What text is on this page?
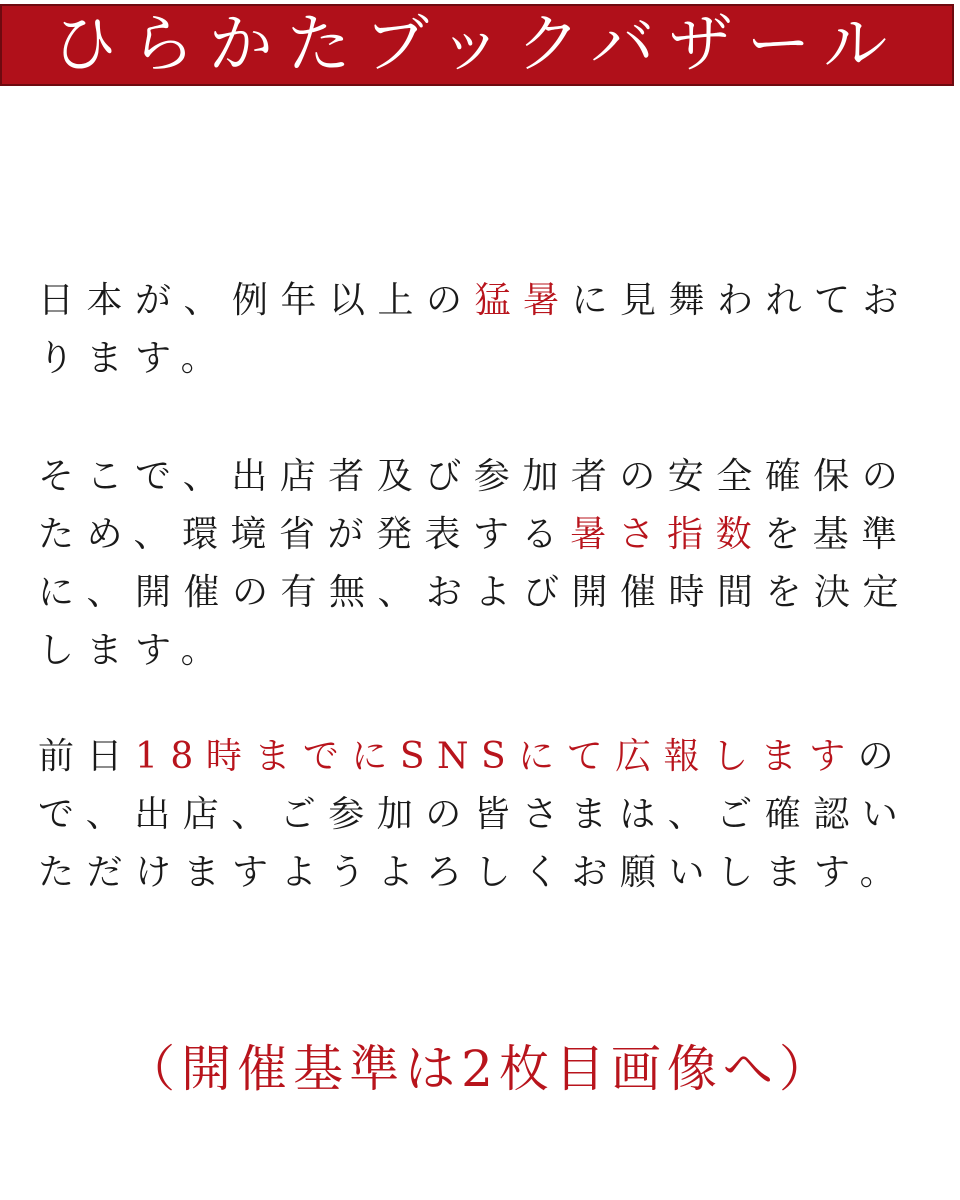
ひらかたブックバザール
日本が、例年以上の猛暑に見舞われてお
ります。
そこで、出店者及び参加者の安全確保の
ため、環境省が発表する暑さ指数を基準
に、開催の有無、および開催時間を決定
します。
前日18時までにSNSにて広報しますの
で、出店、ご参加の皆さまは、ご確認い
ただけますようよろしくお願いします。
（開催基準は2枚目画像へ）
